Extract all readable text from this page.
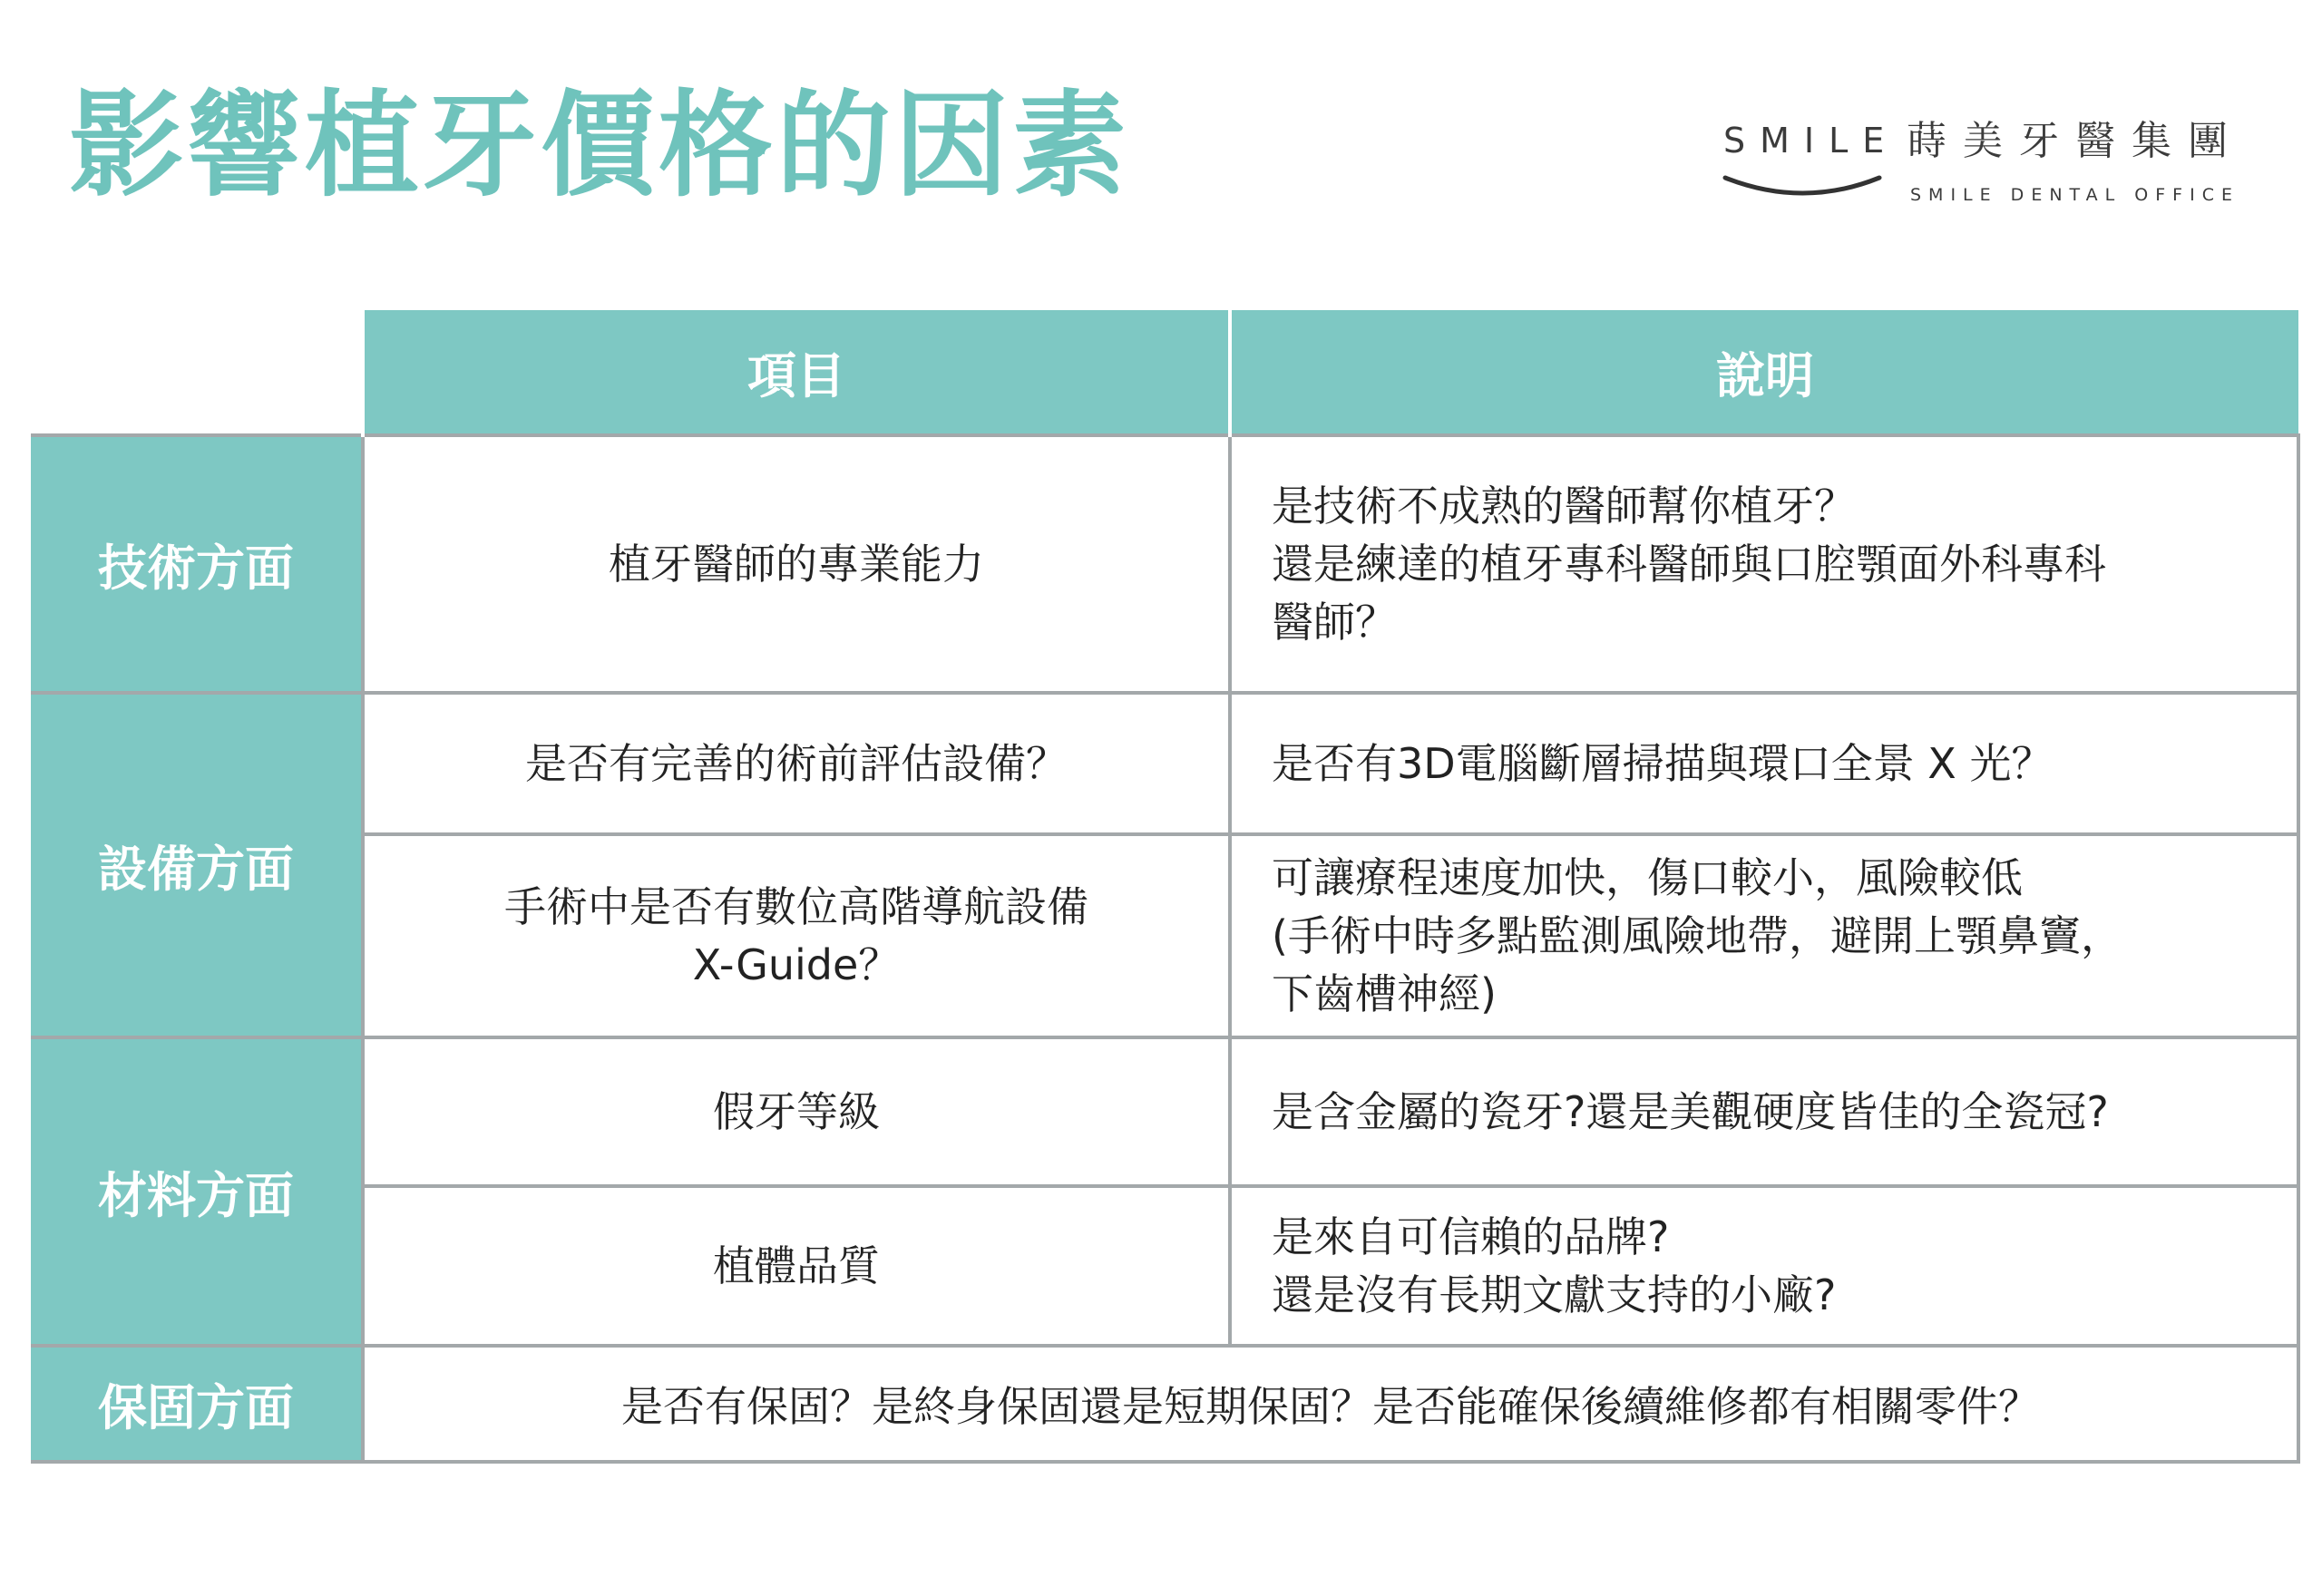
影響植牙價格的因素	SMILE 蒔美牙醫集團
SMILE DENTAL OFFICE
	項目	說明
技術方面	植牙醫師的專業能力	是技術不成熟的醫師幫你植牙？
還是練達的植牙專科醫師與口腔顎面外科專科
醫師？

設備方面	是否有完善的術前評估設備？	是否有3D電腦斷層掃描與環口全景 X 光？

	手術中是否有數位高階導航設備
X-Guide？	可讓療程速度加快，傷口較小，風險較低
(手術中時多點監測風險地帶，避開上顎鼻竇，
下齒槽神經)

材料方面	假牙等級	是含金屬的瓷牙?還是美觀硬度皆佳的全瓷冠?
	植體品質	是來自可信賴的品牌?
還是沒有長期文獻支持的小廠?

保固方面	是否有保固？是終身保固還是短期保固？是否能確保後續維修都有相關零件？	
